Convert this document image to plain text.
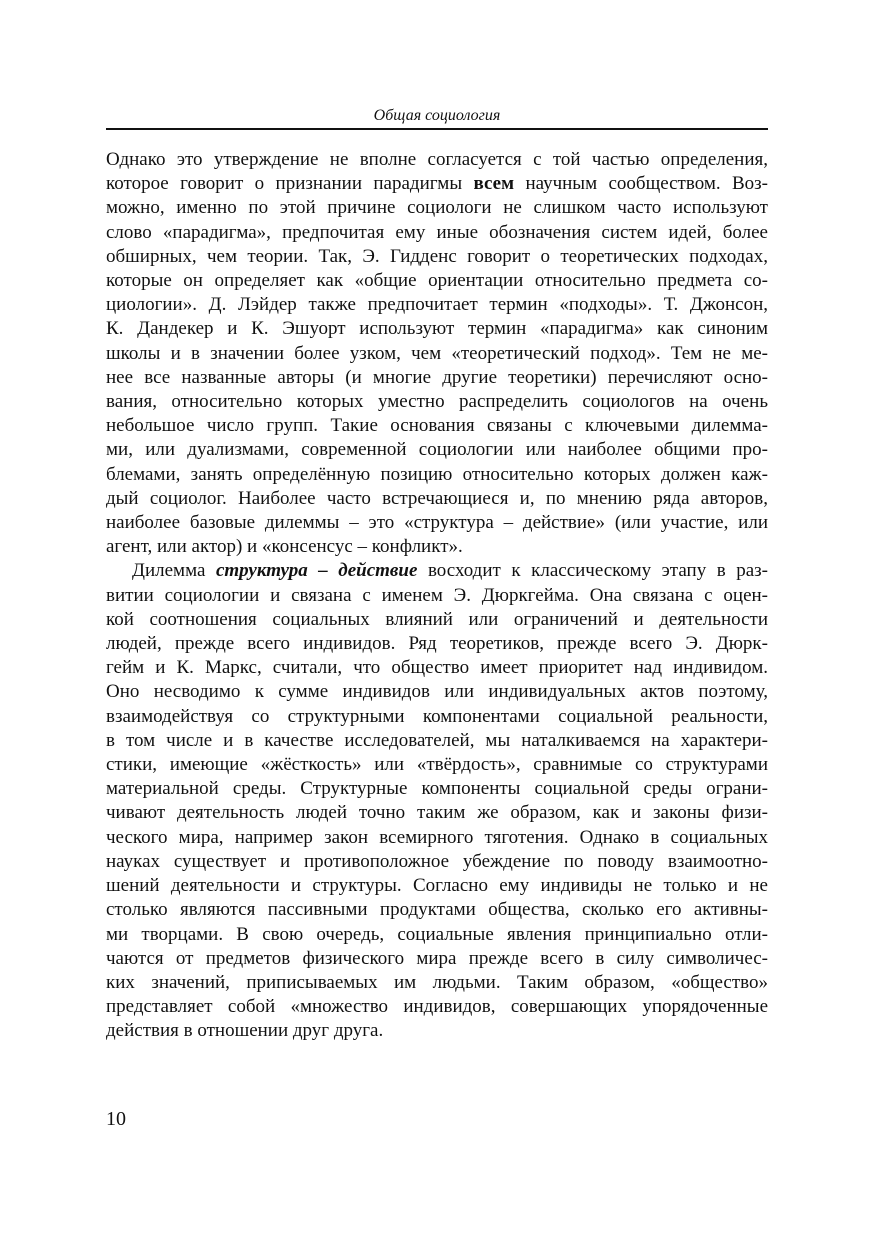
Общая социология
Однако это утверждение не вполне согласуется с той частью определения,
которое говорит о признании парадигмы всем научным сообществом. Воз-
можно, именно по этой причине социологи не слишком часто используют
слово «парадигма», предпочитая ему иные обозначения систем идей, более
обширных, чем теории. Так, Э. Гидденс говорит о теоретических подходах,
которые он определяет как «общие ориентации относительно предмета со-
циологии». Д. Лэйдер также предпочитает термин «подходы». Т. Джонсон,
К. Дандекер и К. Эшуорт используют термин «парадигма» как синоним
школы и в значении более узком, чем «теоретический подход». Тем не ме-
нее все названные авторы (и многие другие теоретики) перечисляют осно-
вания, относительно которых уместно распределить социологов на очень
небольшое число групп. Такие основания связаны с ключевыми дилемма-
ми, или дуализмами, современной социологии или наиболее общими про-
блемами, занять определённую позицию относительно которых должен каж-
дый социолог. Наиболее часто встречающиеся и, по мнению ряда авторов,
наиболее базовые дилеммы – это «структура – действие» (или участие, или
агент, или актор) и «консенсус – конфликт».
Дилемма структура – действие восходит к классическому этапу в раз-
витии социологии и связана с именем Э. Дюркгейма. Она связана с оцен-
кой соотношения социальных влияний или ограничений и деятельности
людей, прежде всего индивидов. Ряд теоретиков, прежде всего Э. Дюрк-
гейм и К. Маркс, считали, что общество имеет приоритет над индивидом.
Оно несводимо к сумме индивидов или индивидуальных актов поэтому,
взаимодействуя со структурными компонентами социальной реальности,
в том числе и в качестве исследователей, мы наталкиваемся на характери-
стики, имеющие «жёсткость» или «твёрдость», сравнимые со структурами
материальной среды. Структурные компоненты социальной среды ограни-
чивают деятельность людей точно таким же образом, как и законы физи-
ческого мира, например закон всемирного тяготения. Однако в социальных
науках существует и противоположное убеждение по поводу взаимоотно-
шений деятельности и структуры. Согласно ему индивиды не только и не
столько являются пассивными продуктами общества, сколько его активны-
ми творцами. В свою очередь, социальные явления принципиально отли-
чаются от предметов физического мира прежде всего в силу символичес-
ких значений, приписываемых им людьми. Таким образом, «общество»
представляет собой «множество индивидов, совершающих упорядоченные
действия в отношении друг друга.
10
